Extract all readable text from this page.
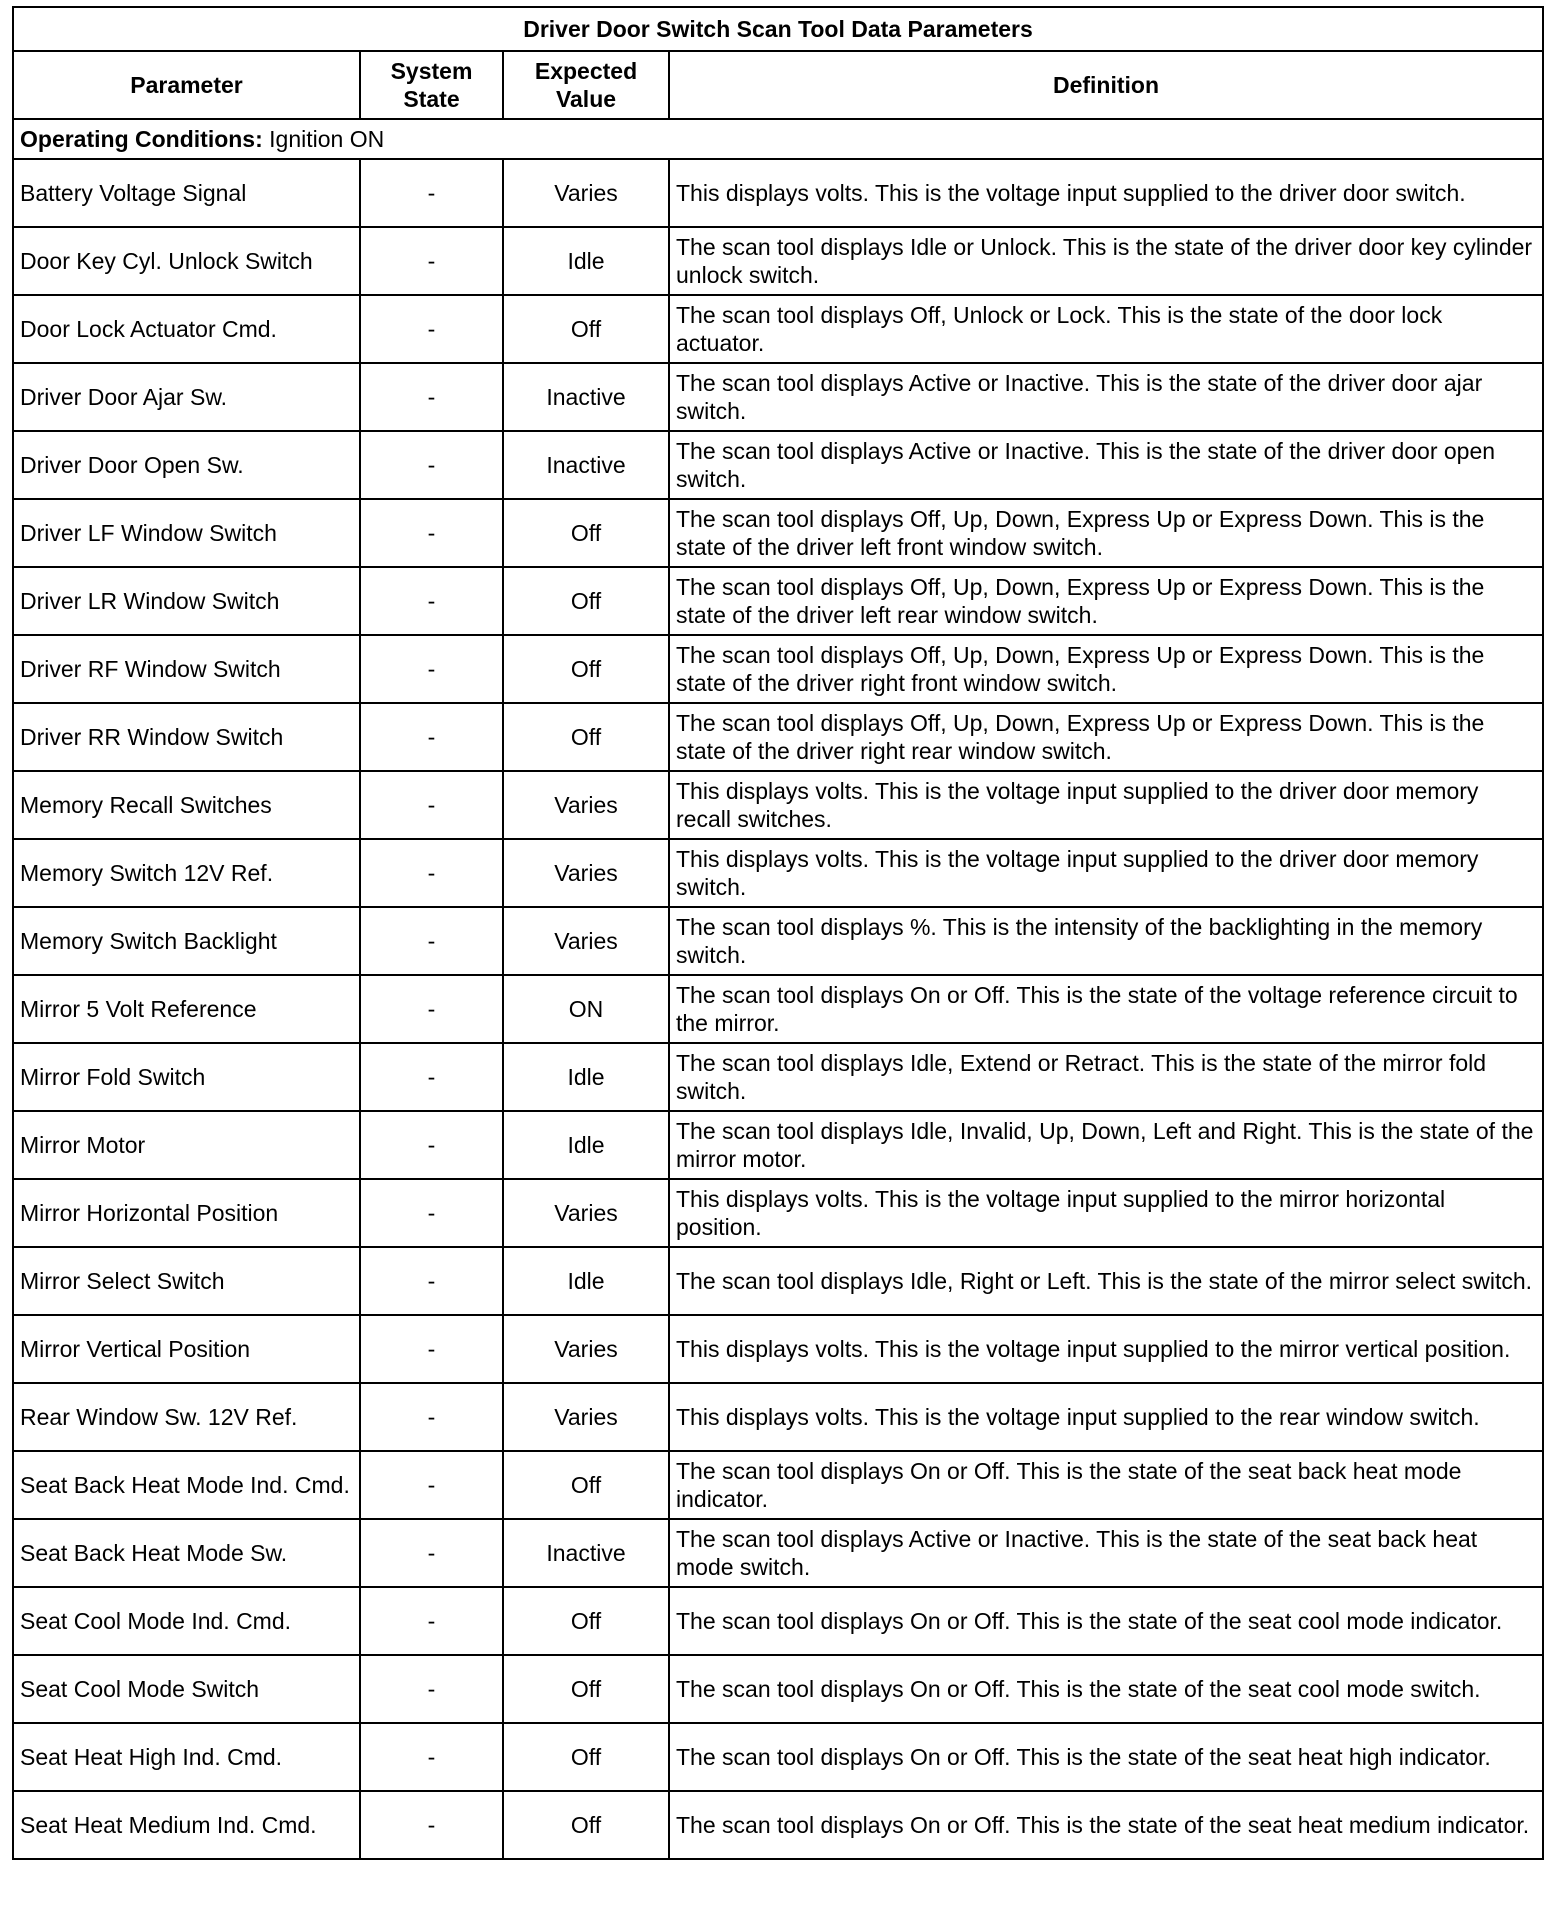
Driver Door Switch Scan Tool Data Parameters			
Parameter	System State	Expected Value	Definition
Operating Conditions: Ignition ON			
Battery Voltage Signal	-	Varies	This displays volts. This is the voltage input supplied to the driver door switch.
Door Key Cyl. Unlock Switch	-	Idle	The scan tool displays Idle or Unlock. This is the state of the driver door key cylinder unlock switch.
Door Lock Actuator Cmd.	-	Off	The scan tool displays Off, Unlock or Lock. This is the state of the door lock actuator.
Driver Door Ajar Sw.	-	Inactive	The scan tool displays Active or Inactive. This is the state of the driver door ajar switch.
Driver Door Open Sw.	-	Inactive	The scan tool displays Active or Inactive. This is the state of the driver door open switch.
Driver LF Window Switch	-	Off	The scan tool displays Off, Up, Down, Express Up or Express Down. This is the state of the driver left front window switch.
Driver LR Window Switch	-	Off	The scan tool displays Off, Up, Down, Express Up or Express Down. This is the state of the driver left rear window switch.
Driver RF Window Switch	-	Off	The scan tool displays Off, Up, Down, Express Up or Express Down. This is the state of the driver right front window switch.
Driver RR Window Switch	-	Off	The scan tool displays Off, Up, Down, Express Up or Express Down. This is the state of the driver right rear window switch.
Memory Recall Switches	-	Varies	This displays volts. This is the voltage input supplied to the driver door memory recall switches.
Memory Switch 12V Ref.	-	Varies	This displays volts. This is the voltage input supplied to the driver door memory switch.
Memory Switch Backlight	-	Varies	The scan tool displays %. This is the intensity of the backlighting in the memory switch.
Mirror 5 Volt Reference	-	ON	The scan tool displays On or Off. This is the state of the voltage reference circuit to the mirror.
Mirror Fold Switch	-	Idle	The scan tool displays Idle, Extend or Retract. This is the state of the mirror fold switch.
Mirror Motor	-	Idle	The scan tool displays Idle, Invalid, Up, Down, Left and Right. This is the state of the mirror motor.
Mirror Horizontal Position	-	Varies	This displays volts. This is the voltage input supplied to the mirror horizontal position.
Mirror Select Switch	-	Idle	The scan tool displays Idle, Right or Left. This is the state of the mirror select switch.
Mirror Vertical Position	-	Varies	This displays volts. This is the voltage input supplied to the mirror vertical position.
Rear Window Sw. 12V Ref.	-	Varies	This displays volts. This is the voltage input supplied to the rear window switch.
Seat Back Heat Mode Ind. Cmd.	-	Off	The scan tool displays On or Off. This is the state of the seat back heat mode indicator.
Seat Back Heat Mode Sw.	-	Inactive	The scan tool displays Active or Inactive. This is the state of the seat back heat mode switch.
Seat Cool Mode Ind. Cmd.	-	Off	The scan tool displays On or Off. This is the state of the seat cool mode indicator.
Seat Cool Mode Switch	-	Off	The scan tool displays On or Off. This is the state of the seat cool mode switch.
Seat Heat High Ind. Cmd.	-	Off	The scan tool displays On or Off. This is the state of the seat heat high indicator.
Seat Heat Medium Ind. Cmd.	-	Off	The scan tool displays On or Off. This is the state of the seat heat medium indicator.
